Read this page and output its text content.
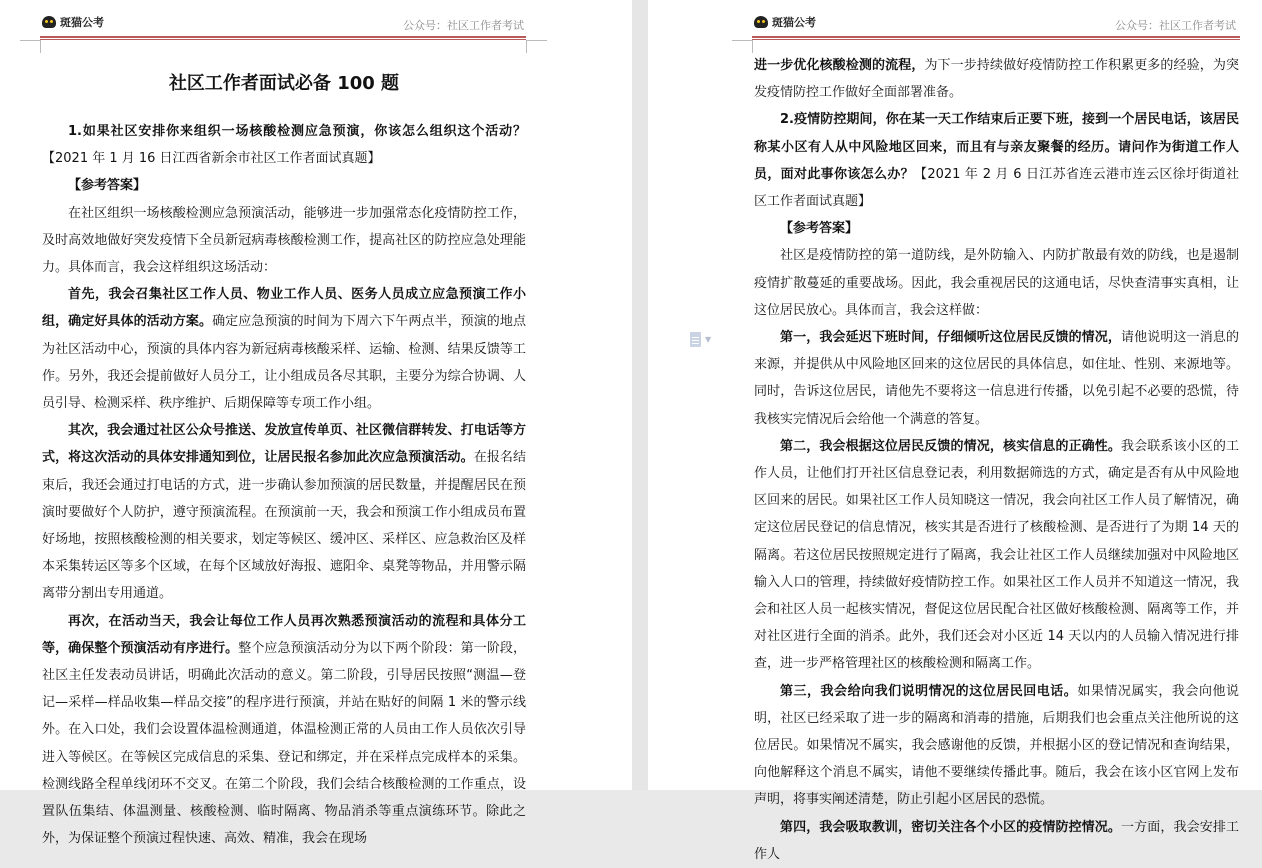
斑猫公考	公众号：社区工作者考试
社区工作者面试必备 100 题

1.如果社区安排你来组织一场核酸检测应急预演，你该怎么组织这个活动？【2021 年 1 月 16 日江西省新余市社区工作者面试真题】

【参考答案】

在社区组织一场核酸检测应急预演活动，能够进一步加强常态化疫情防控工作，及时高效地做好突发疫情下全员新冠病毒核酸检测工作，提高社区的防控应急处理能力。具体而言，我会这样组织这场活动：

首先，我会召集社区工作人员、物业工作人员、医务人员成立应急预演工作小组，确定好具体的活动方案。确定应急预演的时间为下周六下午两点半，预演的地点为社区活动中心，预演的具体内容为新冠病毒核酸采样、运输、检测、结果反馈等工作。另外，我还会提前做好人员分工，让小组成员各尽其职，主要分为综合协调、人员引导、检测采样、秩序维护、后期保障等专项工作小组。

其次，我会通过社区公众号推送、发放宣传单页、社区微信群转发、打电话等方式，将这次活动的具体安排通知到位，让居民报名参加此次应急预演活动。在报名结束后，我还会通过打电话的方式，进一步确认参加预演的居民数量，并提醒居民在预演时要做好个人防护，遵守预演流程。在预演前一天，我会和预演工作小组成员布置好场地，按照核酸检测的相关要求，划定等候区、缓冲区、采样区、应急救治区及样本采集转运区等多个区域，在每个区域放好海报、遮阳伞、桌凳等物品，并用警示隔离带分割出专用通道。

再次，在活动当天，我会让每位工作人员再次熟悉预演活动的流程和具体分工等，确保整个预演活动有序进行。整个应急预演活动分为以下两个阶段：第一阶段，社区主任发表动员讲话，明确此次活动的意义。第二阶段，引导居民按照“测温—登记—采样—样品收集—样品交接”的程序进行预演，并站在贴好的间隔 1 米的警示线外。在入口处，我们会设置体温检测通道，体温检测正常的人员由工作人员依次引导进入等候区。在等候区完成信息的采集、登记和绑定，并在采样点完成样本的采集。检测线路全程单线闭环不交叉。在第二个阶段，我们会结合核酸检测的工作重点，设置队伍集结、体温测量、核酸检测、临时隔离、物品消杀等重点演练环节。除此之外，为保证整个预演过程快速、高效、精准，我会在现场

斑猫公考	公众号：社区工作者考试

进一步优化核酸检测的流程，为下一步持续做好疫情防控工作积累更多的经验，为突发疫情防控工作做好全面部署准备。

2.疫情防控期间，你在某一天工作结束后正要下班，接到一个居民电话，该居民称某小区有人从中风险地区回来，而且有与亲友聚餐的经历。请问作为街道工作人员，面对此事你该怎么办？【2021 年 2 月 6 日江苏省连云港市连云区徐圩街道社区工作者面试真题】

【参考答案】

社区是疫情防控的第一道防线，是外防输入、内防扩散最有效的防线，也是遏制疫情扩散蔓延的重要战场。因此，我会重视居民的这通电话，尽快查清事实真相，让这位居民放心。具体而言，我会这样做：

第一，我会延迟下班时间，仔细倾听这位居民反馈的情况，请他说明这一消息的来源，并提供从中风险地区回来的这位居民的具体信息，如住址、性别、来源地等。同时，告诉这位居民，请他先不要将这一信息进行传播，以免引起不必要的恐慌，待我核实完情况后会给他一个满意的答复。

第二，我会根据这位居民反馈的情况，核实信息的正确性。我会联系该小区的工作人员，让他们打开社区信息登记表，利用数据筛选的方式，确定是否有从中风险地区回来的居民。如果社区工作人员知晓这一情况，我会向社区工作人员了解情况，确定这位居民登记的信息情况，核实其是否进行了核酸检测、是否进行了为期 14 天的隔离。若这位居民按照规定进行了隔离，我会让社区工作人员继续加强对中风险地区输入人口的管理，持续做好疫情防控工作。如果社区工作人员并不知道这一情况，我会和社区人员一起核实情况，督促这位居民配合社区做好核酸检测、隔离等工作，并对社区进行全面的消杀。此外，我们还会对小区近 14 天以内的人员输入情况进行排查，进一步严格管理社区的核酸检测和隔离工作。

第三，我会给向我们说明情况的这位居民回电话。如果情况属实，我会向他说明，社区已经采取了进一步的隔离和消毒的措施，后期我们也会重点关注他所说的这位居民。如果情况不属实，我会感谢他的反馈，并根据小区的登记情况和查询结果，向他解释这个消息不属实，请他不要继续传播此事。随后，我会在该小区官网上发布声明，将事实阐述清楚，防止引起小区居民的恐慌。

第四，我会吸取教训，密切关注各个小区的疫情防控情况。一方面，我会安排工作人

▼
